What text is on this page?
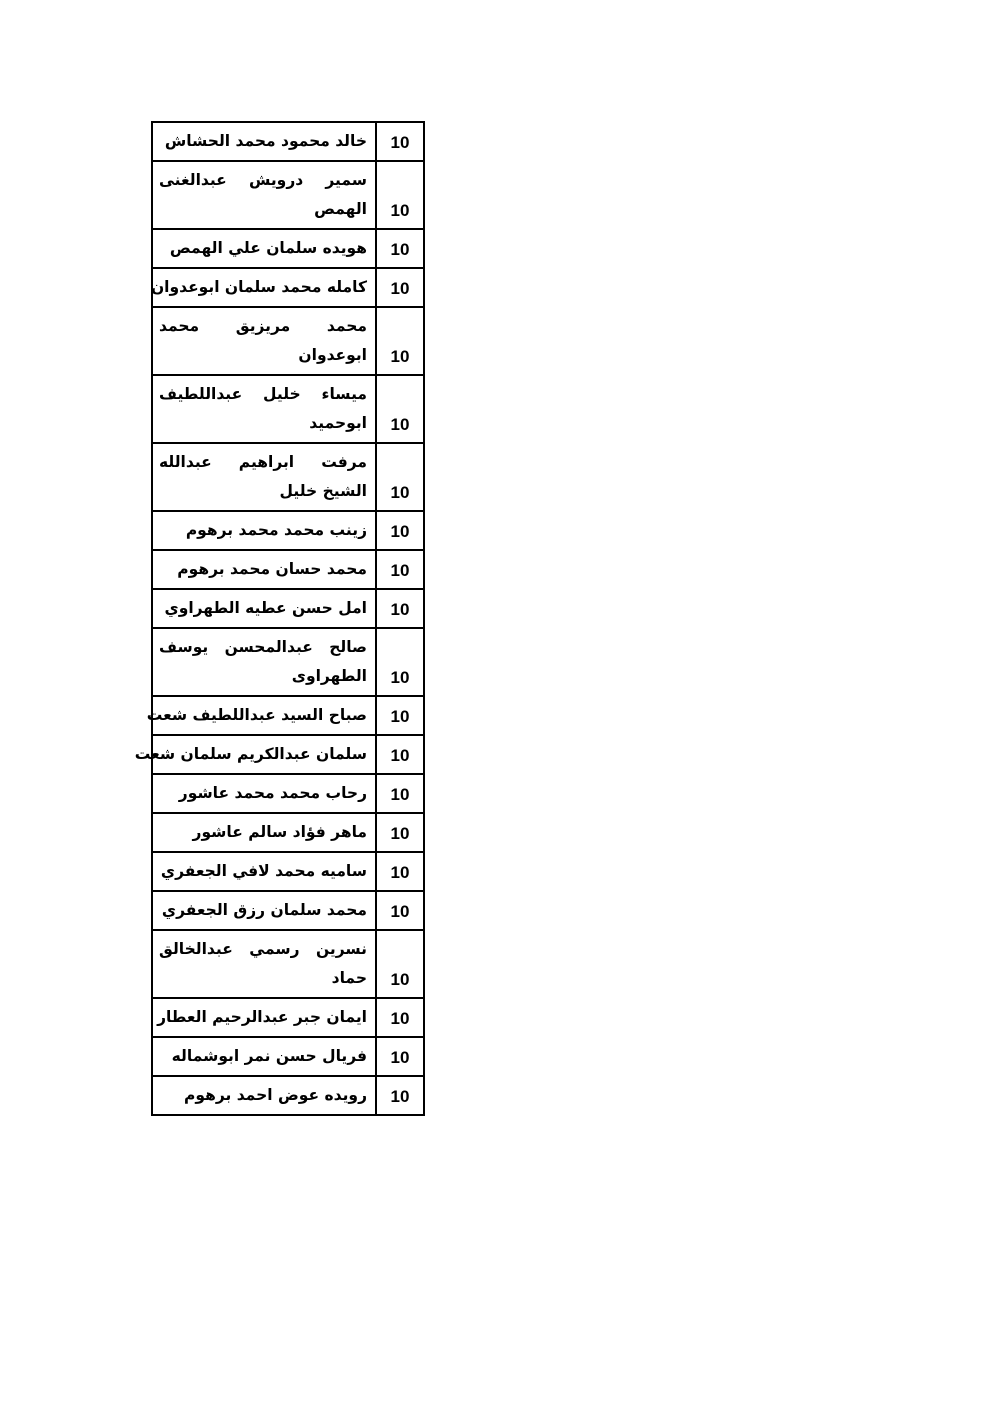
خالد محمود محمد الحشاش	10
سمير درويش عبدالغنى الهمص	10
هويده سلمان علي الهمص	10
كامله محمد سلمان ابوعدوان	10
محمد مريزيق محمد ابوعدوان	10
ميساء خليل عبداللطيف ابوحميد	10
مرفت ابراهيم عبدالله الشيخ خليل	10
زينب محمد محمد برهوم	10
محمد حسان محمد برهوم	10
امل حسن عطيه الطهراوي	10
صالح عبدالمحسن يوسف الطهراوى	10
صباح السيد عبداللطيف شعت	10
سلمان عبدالكريم سلمان شعت	10
رحاب محمد محمد عاشور	10
ماهر فؤاد سالم عاشور	10
ساميه محمد لافي الجعفري	10
محمد سلمان رزق الجعفري	10
نسرين رسمي عبدالخالق حماد	10
ايمان جبر عبدالرحيم العطار	10
فريال حسن نمر ابوشماله	10
رويده عوض احمد برهوم	10
